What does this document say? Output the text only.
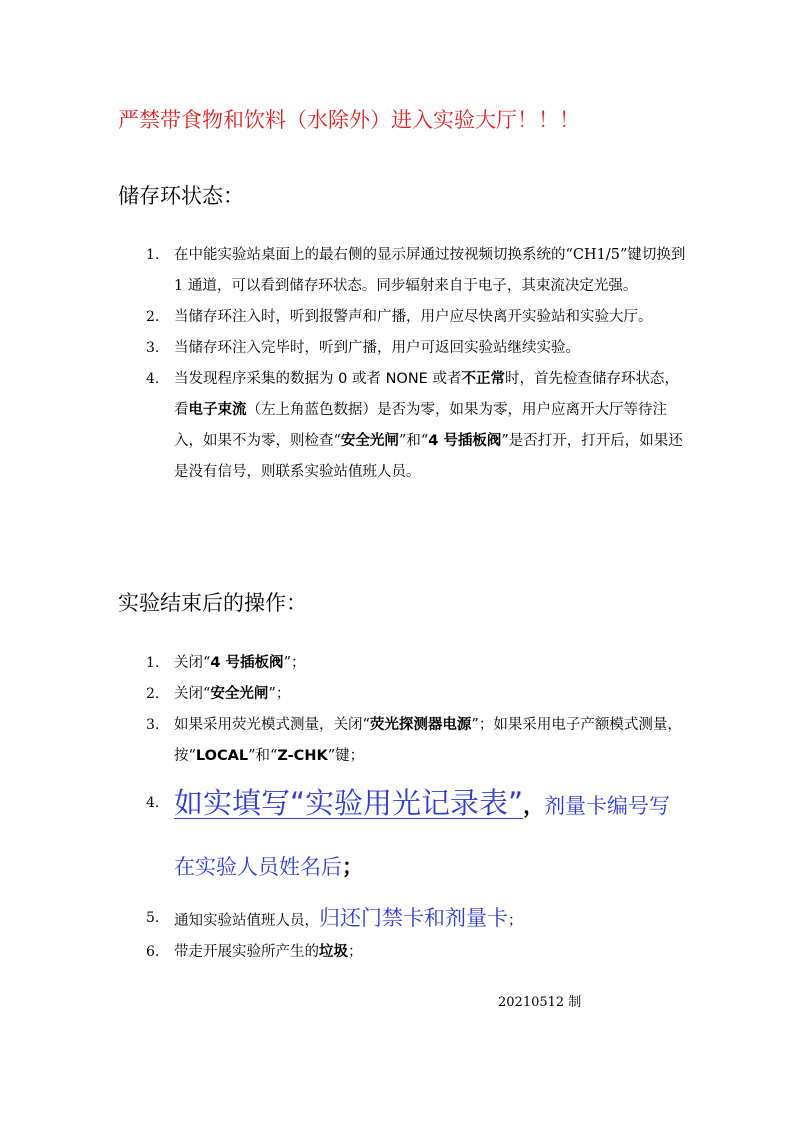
严禁带食物和饮料（水除外）进入实验大厅！！！
储存环状态：
1. 在中能实验站桌面上的最右侧的显示屏通过按视频切换系统的“CH1/5”键切换到 1 通道，可以看到储存环状态。同步辐射来自于电子，其束流决定光强。
2. 当储存环注入时，听到报警声和广播，用户应尽快离开实验站和实验大厅。
3. 当储存环注入完毕时，听到广播，用户可返回实验站继续实验。
4. 当发现程序采集的数据为 0 或者 NONE 或者不正常时，首先检查储存环状态，看电子束流（左上角蓝色数据）是否为零，如果为零，用户应离开大厅等待注入，如果不为零，则检查“安全光闸”和“4 号插板阀”是否打开，打开后，如果还是没有信号，则联系实验站值班人员。
实验结束后的操作：
1. 关闭“4 号插板阀”；
2. 关闭“安全光闸”；
3. 如果采用荧光模式测量，关闭“荧光探测器电源”；如果采用电子产额模式测量，按“LOCAL”和“Z-CHK”键；
4. 如实填写“实验用光记录表”，剂量卡编号写在实验人员姓名后；
5. 通知实验站值班人员，归还门禁卡和剂量卡；
6. 带走开展实验所产生的垃圾；
20210512 制
